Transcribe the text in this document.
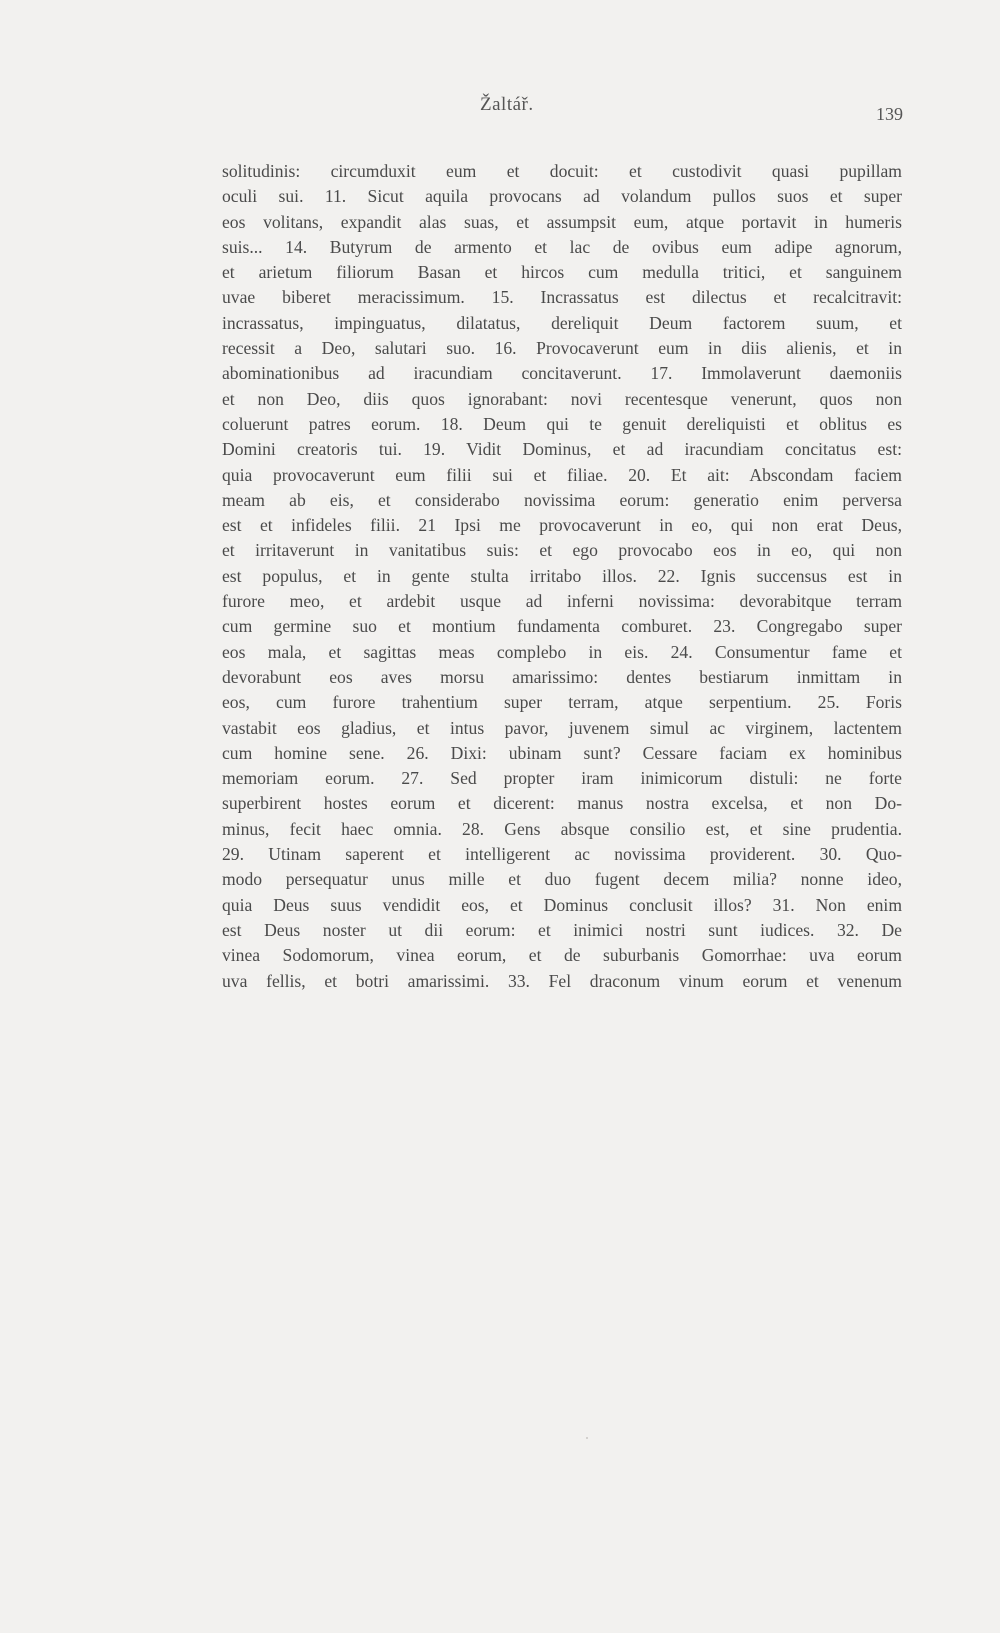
Žaltář.	139
solitudinis: circumduxit eum et docuit: et custodivit quasi pupillam
oculi sui. 11. Sicut aquila provocans ad volandum pullos suos et super
eos volitans, expandit alas suas, et assumpsit eum, atque portavit in humeris
suis... 14. Butyrum de armento et lac de ovibus eum adipe agnorum,
et arietum filiorum Basan et hircos cum medulla tritici, et sanguinem
uvae biberet meracissimum. 15. Incrassatus est dilectus et recalcitravit:
incrassatus, impinguatus, dilatatus, dereliquit Deum factorem suum, et
recessit a Deo, salutari suo. 16. Provocaverunt eum in diis alienis, et in
abominationibus ad iracundiam concitaverunt. 17. Immolaverunt daemoniis
et non Deo, diis quos ignorabant: novi recentesque venerunt, quos non
coluerunt patres eorum. 18. Deum qui te genuit dereliquisti et oblitus es
Domini creatoris tui. 19. Vidit Dominus, et ad iracundiam concitatus est:
quia provocaverunt eum filii sui et filiae. 20. Et ait: Abscondam faciem
meam ab eis, et considerabo novissima eorum: generatio enim perversa
est et infideles filii. 21 Ipsi me provocaverunt in eo, qui non erat Deus,
et irritaverunt in vanitatibus suis: et ego provocabo eos in eo, qui non
est populus, et in gente stulta irritabo illos. 22. Ignis succensus est in
furore meo, et ardebit usque ad inferni novissima: devorabitque terram
cum germine suo et montium fundamenta comburet. 23. Congregabo super
eos mala, et sagittas meas complebo in eis. 24. Consumentur fame et
devorabunt eos aves morsu amarissimo: dentes bestiarum inmittam in
eos, cum furore trahentium super terram, atque serpentium. 25. Foris
vastabit eos gladius, et intus pavor, juvenem simul ac virginem, lactentem
cum homine sene. 26. Dixi: ubinam sunt? Cessare faciam ex hominibus
memoriam eorum. 27. Sed propter iram inimicorum distuli: ne forte
superbirent hostes eorum et dicerent: manus nostra excelsa, et non Do-
minus, fecit haec omnia. 28. Gens absque consilio est, et sine prudentia.
29. Utinam saperent et intelligerent ac novissima providerent. 30. Quo-
modo persequatur unus mille et duo fugent decem milia? nonne ideo,
quia Deus suus vendidit eos, et Dominus conclusit illos? 31. Non enim
est Deus noster ut dii eorum: et inimici nostri sunt iudices. 32. De
vinea Sodomorum, vinea eorum, et de suburbanis Gomorrhae: uva eorum
uva fellis, et botri amarissimi. 33. Fel draconum vinum eorum et venenum
